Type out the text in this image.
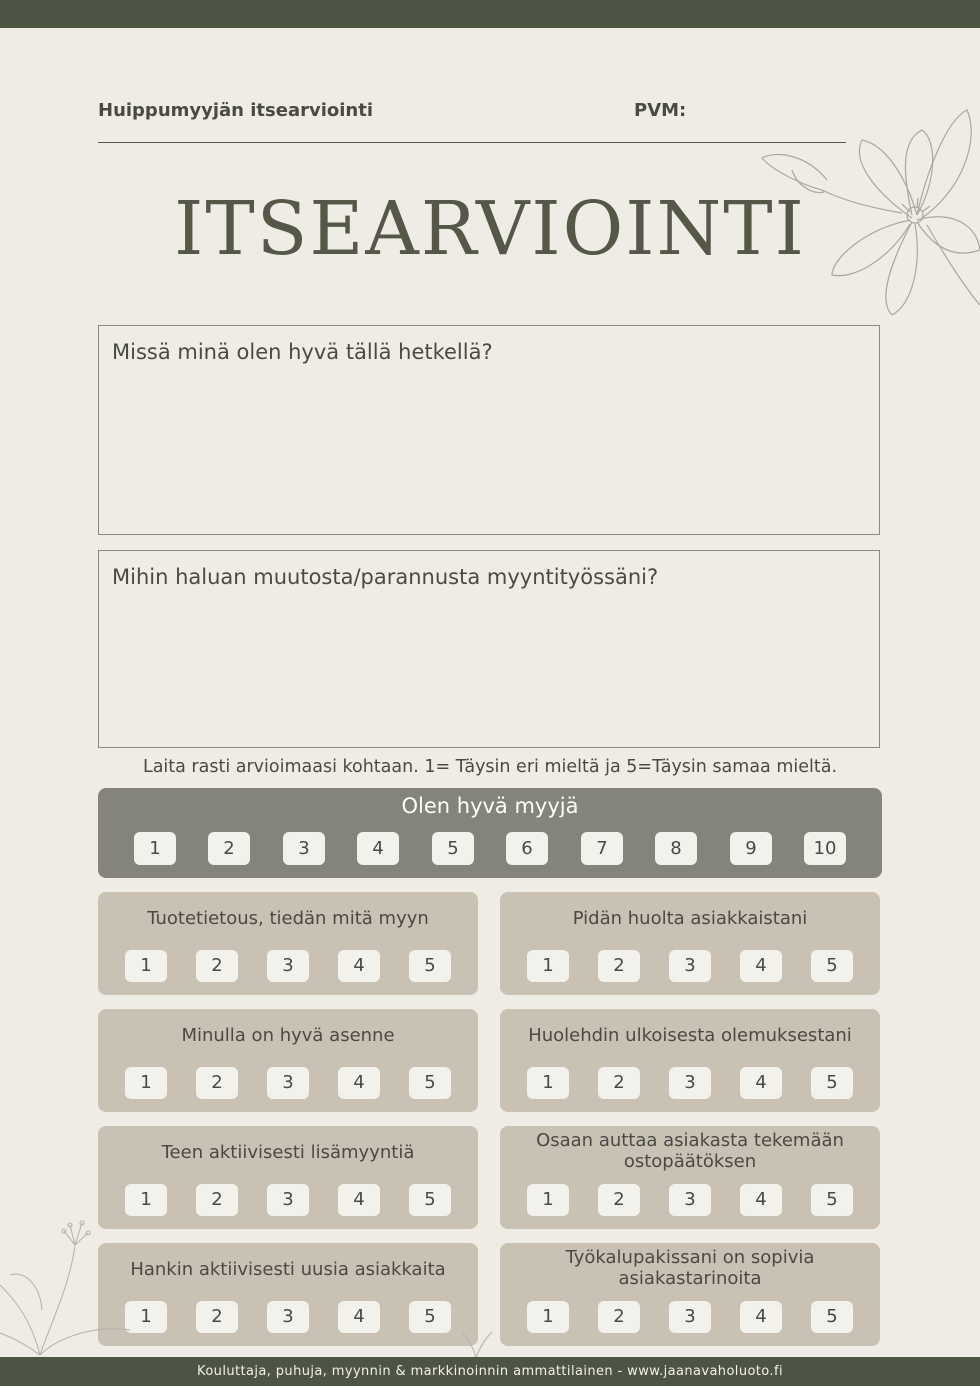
Huippumyyjän itsearviointi	PVM:
ITSEARVIOINTI
Missä minä olen hyvä tällä hetkellä?
Mihin haluan muutosta/parannusta myyntityössäni?
Laita rasti arvioimaasi kohtaan. 1= Täysin eri mieltä ja 5=Täysin samaa mieltä.
Olen hyvä myyjä
1	2	3	4	5	6	7	8	9	10
Tuotetietous, tiedän mitä myyn
1	2	3	4	5
Pidän huolta asiakkaistani
1	2	3	4	5
Minulla on hyvä asenne
1	2	3	4	5
Huolehdin ulkoisesta olemuksestani
1	2	3	4	5
Teen aktiivisesti lisämyyntiä
1	2	3	4	5
Osaan auttaa asiakasta tekemään ostopäätöksen
1	2	3	4	5
Hankin aktiivisesti uusia asiakkaita
1	2	3	4	5
Työkalupakissani on sopivia asiakastarinoita
1	2	3	4	5
Kouluttaja, puhuja, myynnin & markkinoinnin ammattilainen - www.jaanavaholuoto.fi
